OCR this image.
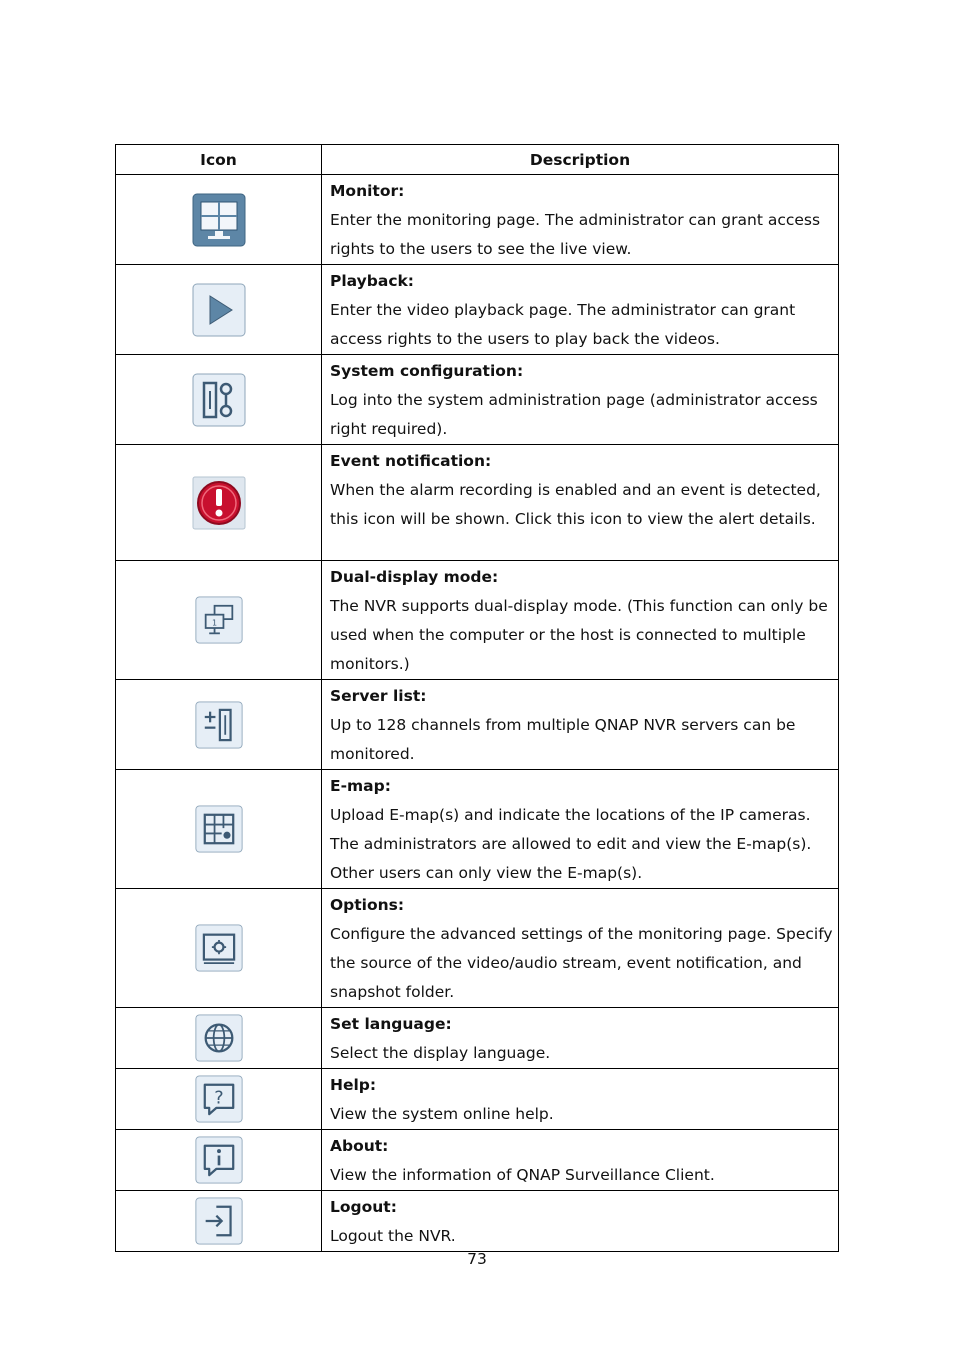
Icon	Description

Monitor:
Enter the monitoring page. The administrator can grant access rights to the users to see the live view.

Playback:
Enter the video playback page. The administrator can grant access rights to the users to play back the videos.

System configuration:
Log into the system administration page (administrator access right required).

Event notification:
When the alarm recording is enabled and an event is detected, this icon will be shown. Click this icon to view the alert details.

1	Dual-display mode:
The NVR supports dual-display mode. (This function can only be used when the computer or the host is connected to multiple monitors.)

Server list:
Up to 128 channels from multiple QNAP NVR servers can be monitored.

E-map:
Upload E-map(s) and indicate the locations of the IP cameras. The administrators are allowed to edit and view the E-map(s). Other users can only view the E-map(s).

Options:
Configure the advanced settings of the monitoring page. Specify the source of the video/audio stream, event notification, and snapshot folder.

Set language:
Select the display language.

?	Help:
View the system online help.

About:
View the information of QNAP Surveillance Client.

Logout:
Logout the NVR.
73
